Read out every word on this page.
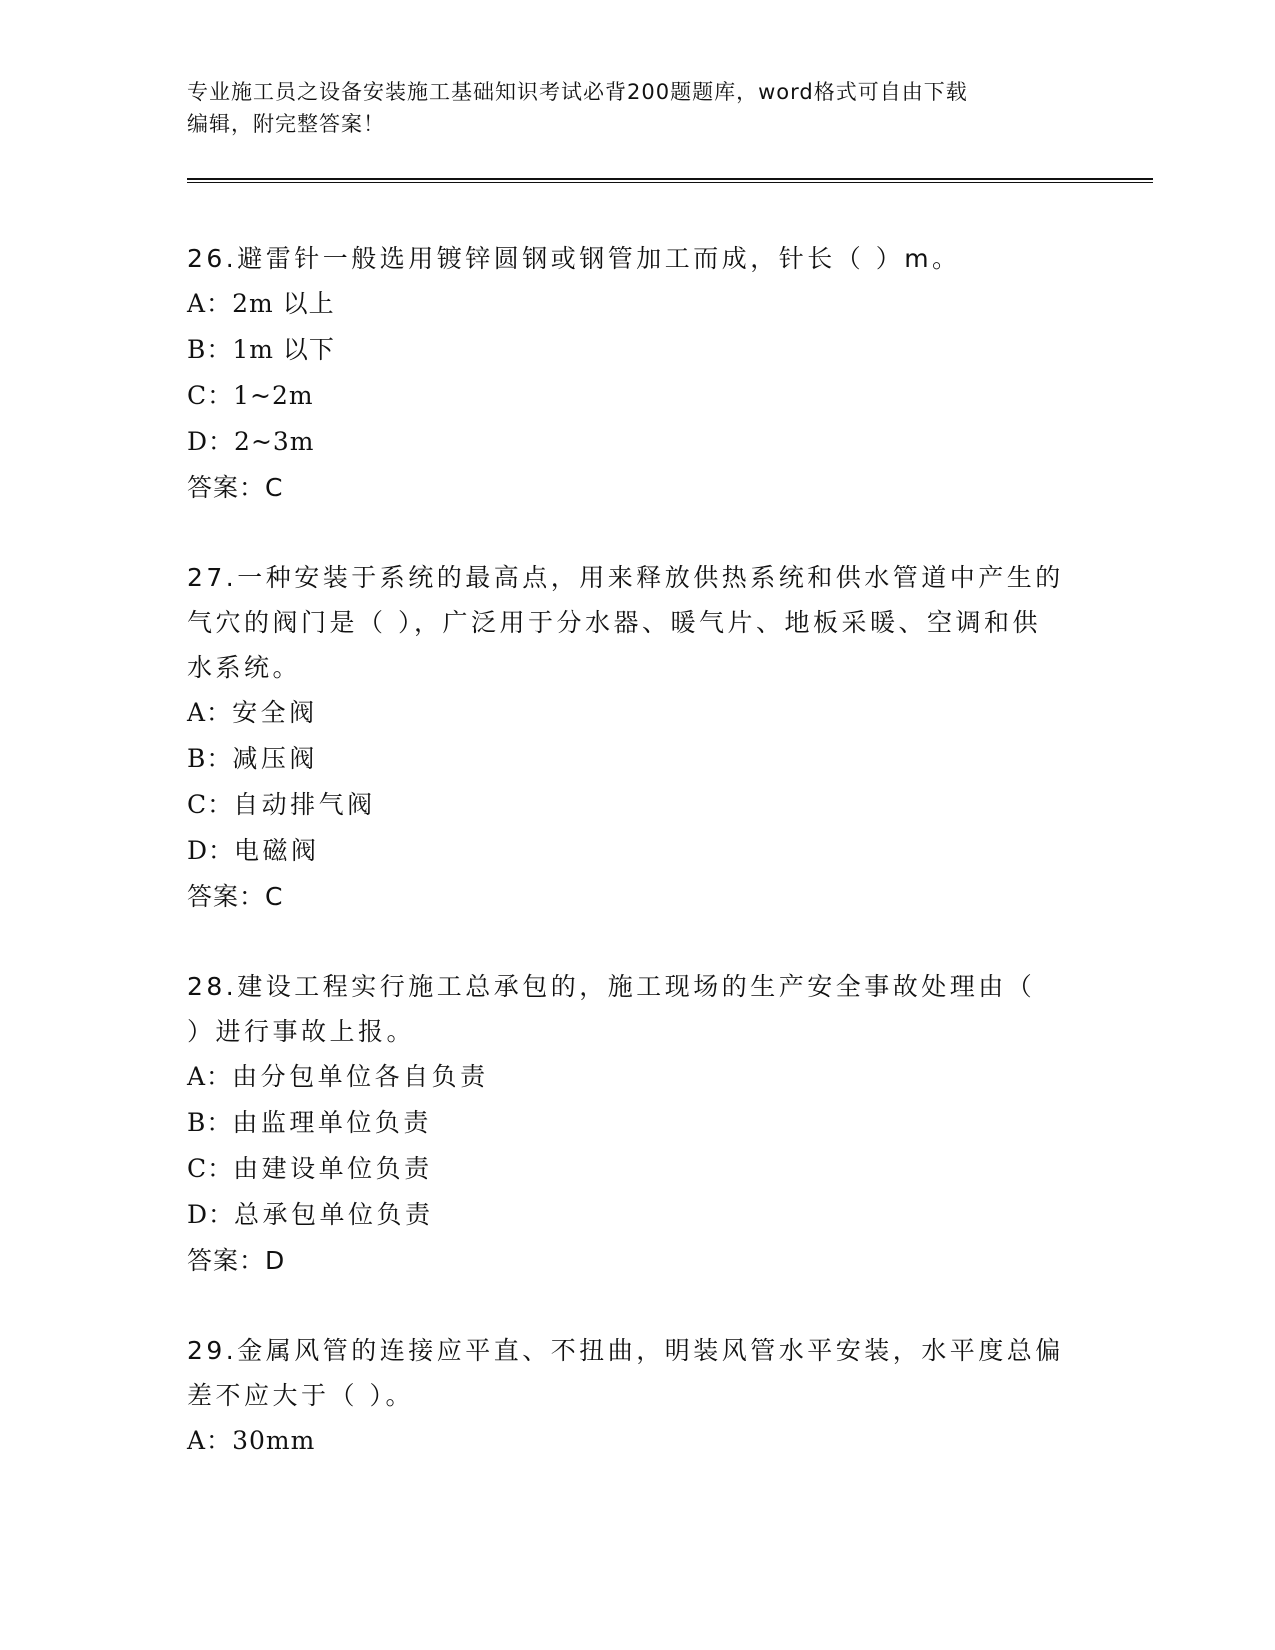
专业施工员之设备安装施工基础知识考试必背200题题库，word格式可自由下载
编辑，附完整答案！

26.避雷针一般选用镀锌圆钢或钢管加工而成，针长（ ）m。

A：2m 以上

B：1m 以下

C：1~2m

D：2~3m

答案：C

27.一种安装于系统的最高点，用来释放供热系统和供水管道中产生的

气穴的阀门是（ ），广泛用于分水器、暖气片、地板采暖、空调和供

水系统。

A：安全阀

B：减压阀

C：自动排气阀

D：电磁阀

答案：C

28.建设工程实行施工总承包的，施工现场的生产安全事故处理由（

）进行事故上报。

A：由分包单位各自负责

B：由监理单位负责

C：由建设单位负责

D：总承包单位负责

答案：D

29.金属风管的连接应平直、不扭曲，明装风管水平安装，水平度总偏

差不应大于（ ）。

A：30mm
